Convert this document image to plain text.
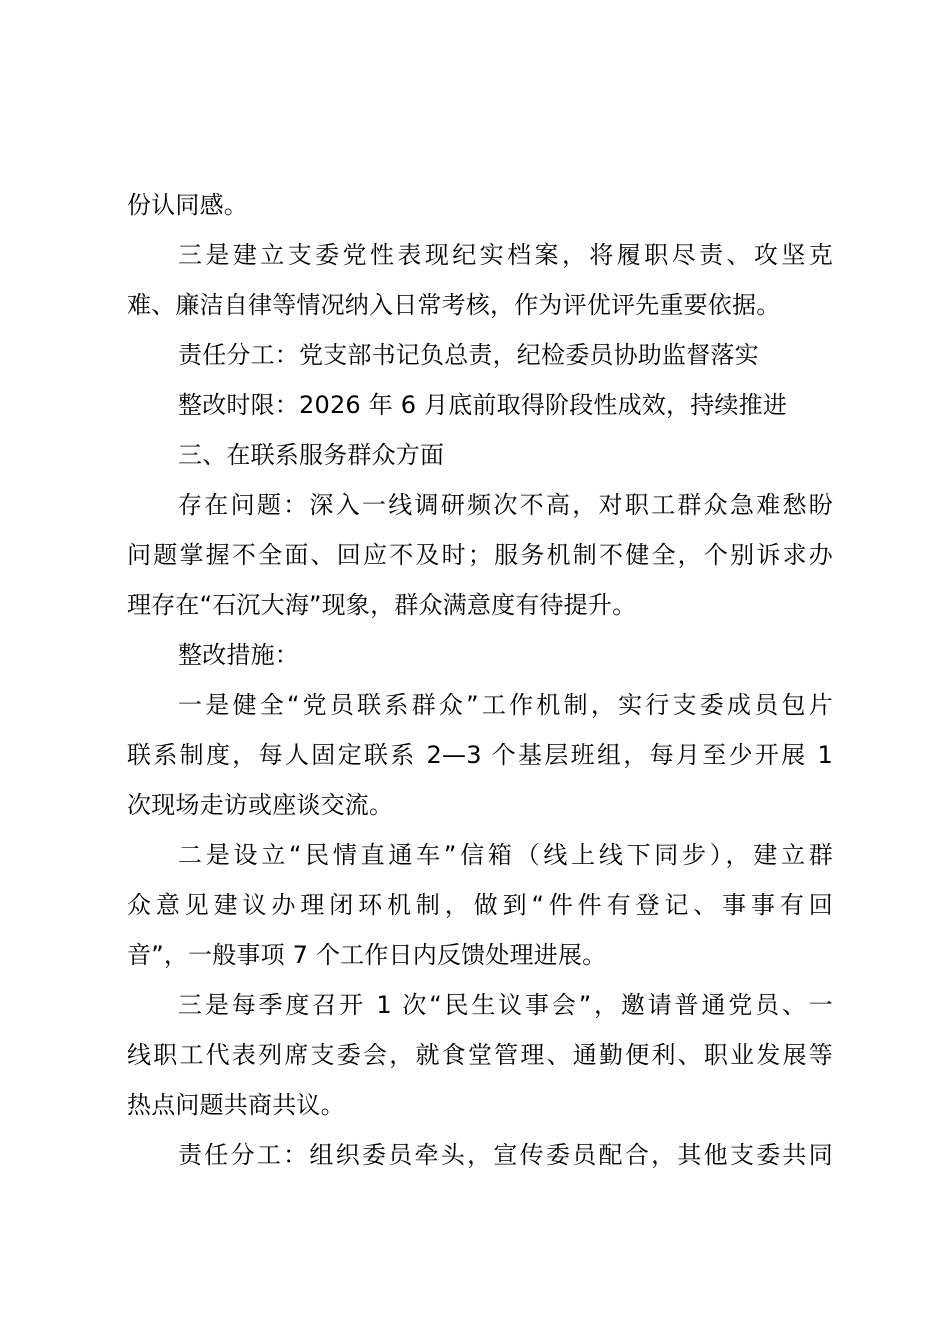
份认同感。
三是建立支委党性表现纪实档案，将履职尽责、攻坚克
难、廉洁自律等情况纳入日常考核，作为评优评先重要依据。
责任分工：党支部书记负总责，纪检委员协助监督落实
整改时限：2026 年 6 月底前取得阶段性成效，持续推进
三、在联系服务群众方面
存在问题：深入一线调研频次不高，对职工群众急难愁盼
问题掌握不全面、回应不及时；服务机制不健全，个别诉求办
理存在“石沉大海”现象，群众满意度有待提升。
整改措施：
一是健全“党员联系群众”工作机制，实行支委成员包片
联系制度，每人固定联系 2—3 个基层班组，每月至少开展 1
次现场走访或座谈交流。
二是设立“民情直通车”信箱（线上线下同步），建立群
众意见建议办理闭环机制，做到“件件有登记、事事有回
音”，一般事项 7 个工作日内反馈处理进展。
三是每季度召开 1 次“民生议事会”，邀请普通党员、一
线职工代表列席支委会，就食堂管理、通勤便利、职业发展等
热点问题共商共议。
责任分工：组织委员牵头，宣传委员配合，其他支委共同
